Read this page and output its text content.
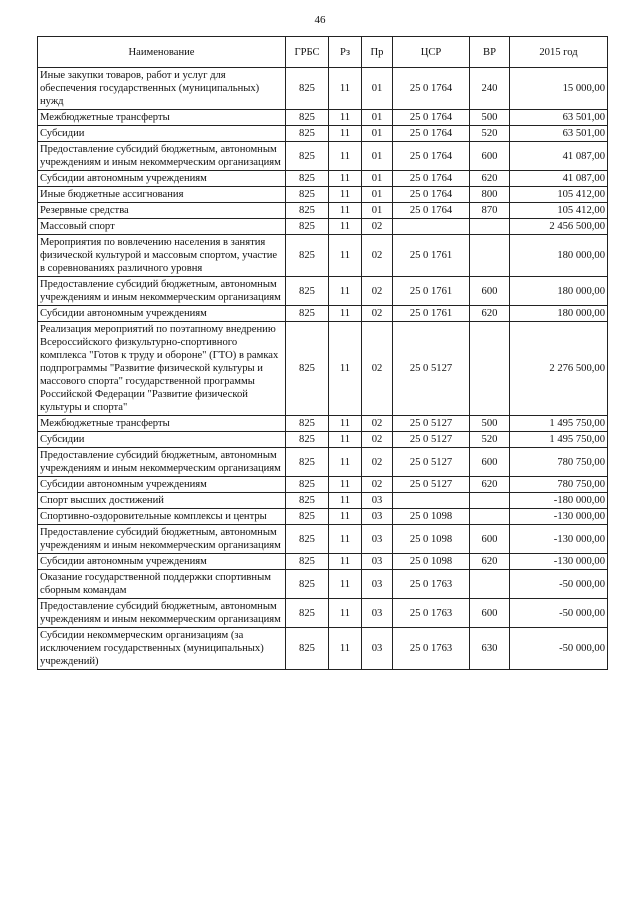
46
Наименование	ГРБС	Рз	Пр	ЦСР	ВР	2015 год
Иные закупки товаров, работ и услуг для обеспечения государственных (муниципальных) нужд	825	11	01	25 0 1764	240	15 000,00
Межбюджетные трансферты	825	11	01	25 0 1764	500	63 501,00
Субсидии	825	11	01	25 0 1764	520	63 501,00
Предоставление субсидий бюджетным, автономным учреждениям и иным некоммерческим организациям	825	11	01	25 0 1764	600	41 087,00
Субсидии автономным учреждениям	825	11	01	25 0 1764	620	41 087,00
Иные бюджетные ассигнования	825	11	01	25 0 1764	800	105 412,00
Резервные средства	825	11	01	25 0 1764	870	105 412,00
Массовый спорт	825	11	02			2 456 500,00
Мероприятия по вовлечению населения в занятия физической культурой и массовым спортом, участие в соревнованиях различного уровня	825	11	02	25 0 1761		180 000,00
Предоставление субсидий бюджетным, автономным учреждениям и иным некоммерческим организациям	825	11	02	25 0 1761	600	180 000,00
Субсидии автономным учреждениям	825	11	02	25 0 1761	620	180 000,00
Реализация мероприятий по поэтапному внедрению Всероссийского физкультурно-спортивного комплекса "Готов к труду и обороне" (ГТО) в рамках подпрограммы "Развитие физической культуры и массового спорта" государственной программы Российской Федерации "Развитие физической культуры и спорта"	825	11	02	25 0 5127		2 276 500,00
Межбюджетные трансферты	825	11	02	25 0 5127	500	1 495 750,00
Субсидии	825	11	02	25 0 5127	520	1 495 750,00
Предоставление субсидий бюджетным, автономным учреждениям и иным некоммерческим организациям	825	11	02	25 0 5127	600	780 750,00
Субсидии автономным учреждениям	825	11	02	25 0 5127	620	780 750,00
Спорт высших достижений	825	11	03			-180 000,00
Спортивно-оздоровительные комплексы и центры	825	11	03	25 0 1098		-130 000,00
Предоставление субсидий бюджетным, автономным учреждениям и иным некоммерческим организациям	825	11	03	25 0 1098	600	-130 000,00
Субсидии автономным учреждениям	825	11	03	25 0 1098	620	-130 000,00
Оказание государственной поддержки спортивным сборным командам	825	11	03	25 0 1763		-50 000,00
Предоставление субсидий бюджетным, автономным учреждениям и иным некоммерческим организациям	825	11	03	25 0 1763	600	-50 000,00
Субсидии некоммерческим организациям (за исключением государственных (муниципальных) учреждений)	825	11	03	25 0 1763	630	-50 000,00
